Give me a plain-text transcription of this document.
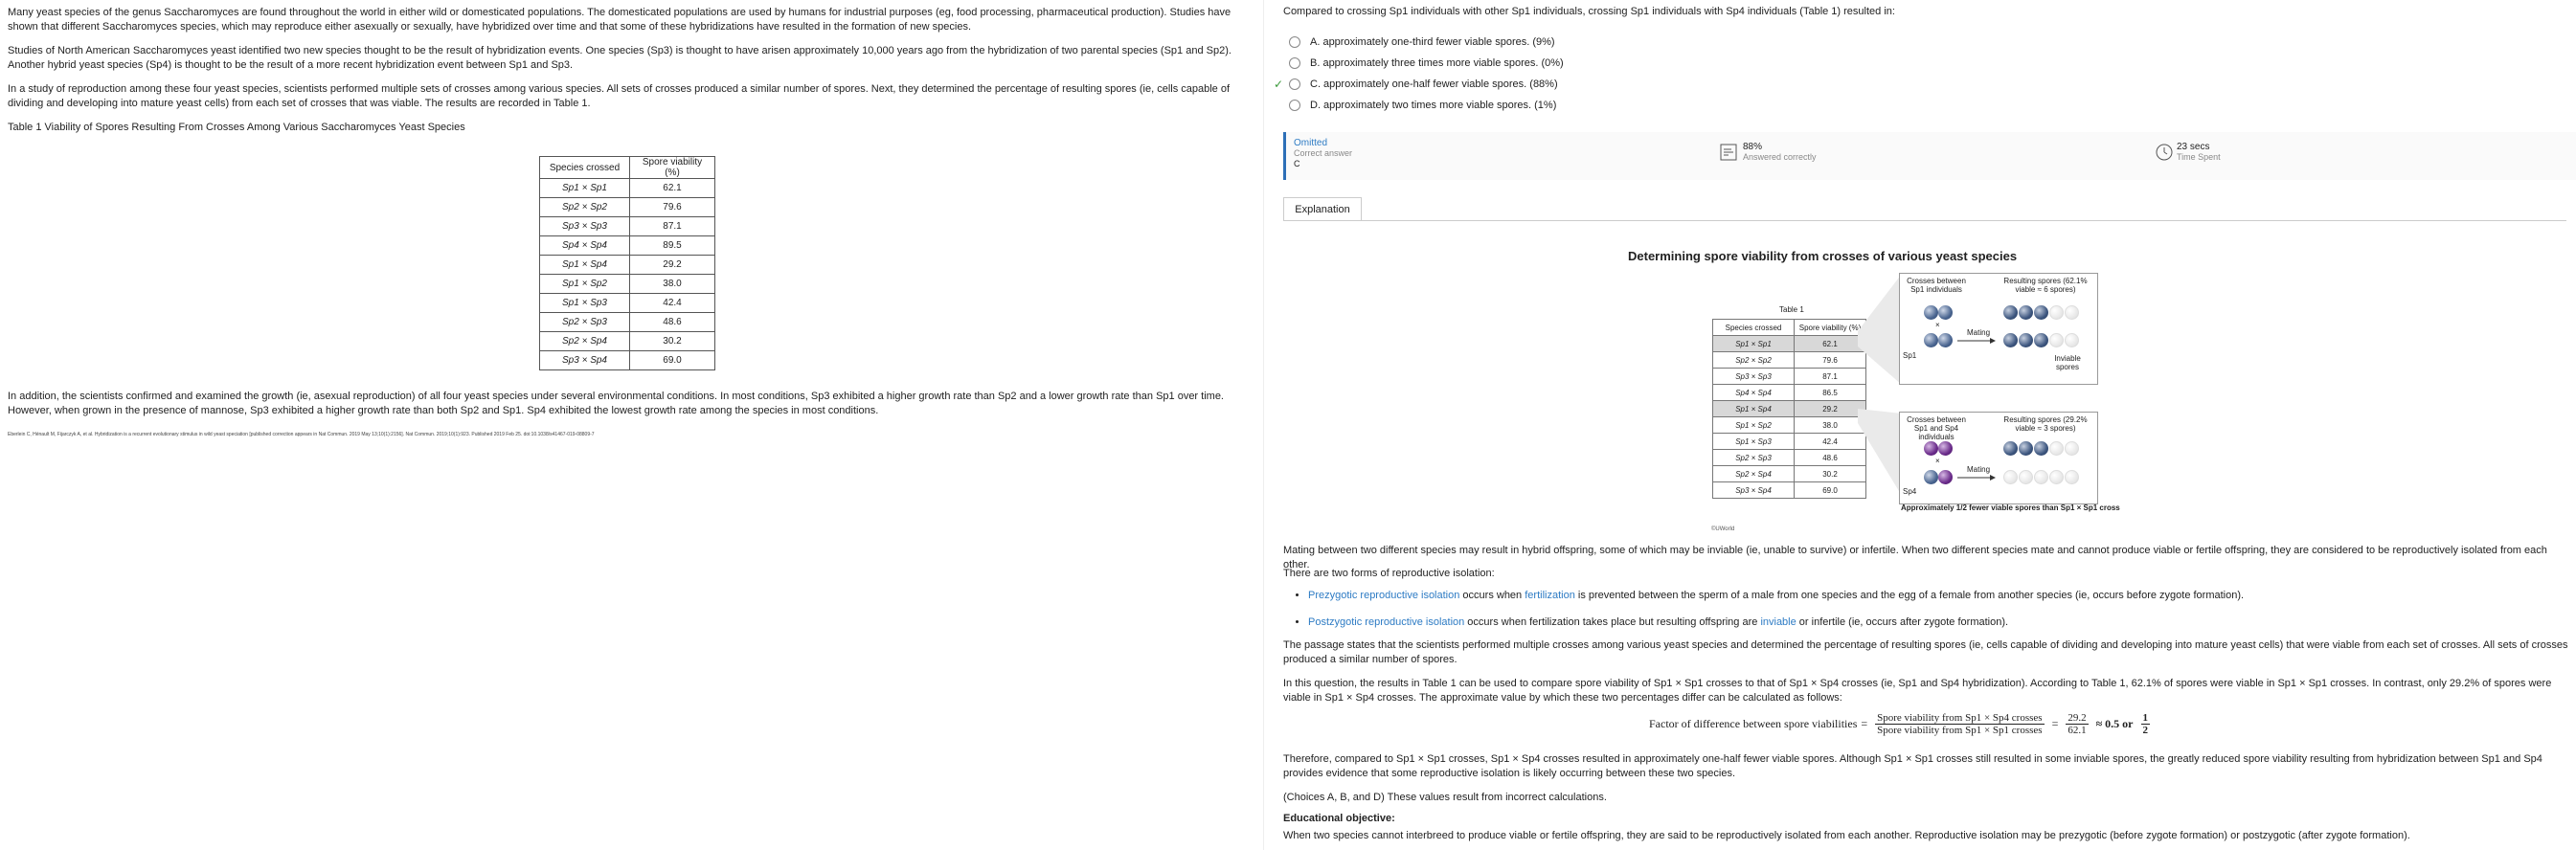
Many yeast species of the genus Saccharomyces are found throughout the world in either wild or domesticated populations. The domesticated populations are used by humans for industrial purposes (eg, food processing, pharmaceutical production). Studies have shown that different Saccharomyces species, which may reproduce either asexually or sexually, have hybridized over time and that some of these hybridizations have resulted in the formation of new species.

Studies of North American Saccharomyces yeast identified two new species thought to be the result of hybridization events. One species (Sp3) is thought to have arisen approximately 10,000 years ago from the hybridization of two parental species (Sp1 and Sp2). Another hybrid yeast species (Sp4) is thought to be the result of a more recent hybridization event between Sp1 and Sp3.

In a study of reproduction among these four yeast species, scientists performed multiple sets of crosses among various species. All sets of crosses produced a similar number of spores. Next, they determined the percentage of resulting spores (ie, cells capable of dividing and developing into mature yeast cells) from each set of crosses that was viable. The results are recorded in Table 1.

Table 1 Viability of Spores Resulting From Crosses Among Various Saccharomyces Yeast Species

Species crossed	Spore viability (%)
Sp1 × Sp1	62.1
Sp2 × Sp2	79.6
Sp3 × Sp3	87.1
Sp4 × Sp4	89.5
Sp1 × Sp4	29.2
Sp1 × Sp2	38.0
Sp1 × Sp3	42.4
Sp2 × Sp3	48.6
Sp2 × Sp4	30.2
Sp3 × Sp4	69.0

In addition, the scientists confirmed and examined the growth (ie, asexual reproduction) of all four yeast species under several environmental conditions. In most conditions, Sp3 exhibited a higher growth rate than Sp2 and a lower growth rate than Sp1 over time. However, when grown in the presence of mannose, Sp3 exhibited a higher growth rate than both Sp2 and Sp1. Sp4 exhibited the lowest growth rate among the species in most conditions.

Eberlein C, Hénault M, Fijarczyk A, et al. Hybridization is a recurrent evolutionary stimulus in wild yeast speciation [published correction appears in Nat Commun. 2019 May 13;10(1):2156]. Nat Commun. 2019;10(1):923. Published 2019 Feb 25. doi:10.1038/s41467-019-08809-7
Compared to crossing Sp1 individuals with other Sp1 individuals, crossing Sp1 individuals with Sp4 individuals (Table 1) resulted in:
✓
A. approximately one-third fewer viable spores. (9%)
B. approximately three times more viable spores. (0%)
C. approximately one-half fewer viable spores. (88%)
D. approximately two times more viable spores. (1%)
Omitted
Correct answer
C
88%
Answered correctly
23 secs
Time Spent
Explanation
Determining spore viability from crosses of various yeast species
Table 1
Species crossed	Spore viability (%)
Sp1 × Sp1	62.1
Sp2 × Sp2	79.6
Sp3 × Sp3	87.1
Sp4 × Sp4	86.5
Sp1 × Sp4	29.2
Sp1 × Sp2	38.0
Sp1 × Sp3	42.4
Sp2 × Sp3	48.6
Sp2 × Sp4	30.2
Sp3 × Sp4	69.0
Crosses between Sp1 individuals
Resulting spores (62.1% viable ≈ 6 spores)
×
Sp1
Mating
Inviable spores
Crosses between Sp1 and Sp4 individuals
Resulting spores (29.2% viable ≈ 3 spores)
×
Sp4
Mating
Approximately 1/2 fewer viable spores than Sp1 × Sp1 cross
©UWorld
Mating between two different species may result in hybrid offspring, some of which may be inviable (ie, unable to survive) or infertile. When two different species mate and cannot produce viable or fertile offspring, they are considered to be reproductively isolated from each other.
There are two forms of reproductive isolation:
• Prezygotic reproductive isolation occurs when fertilization is prevented between the sperm of a male from one species and the egg of a female from another species (ie, occurs before zygote formation).
• Postzygotic reproductive isolation occurs when fertilization takes place but resulting offspring are inviable or infertile (ie, occurs after zygote formation).
The passage states that the scientists performed multiple crosses among various yeast species and determined the percentage of resulting spores (ie, cells capable of dividing and developing into mature yeast cells) that were viable from each set of crosses. All sets of crosses produced a similar number of spores.
In this question, the results in Table 1 can be used to compare spore viability of Sp1 × Sp1 crosses to that of Sp1 × Sp4 crosses (ie, Sp1 and Sp4 hybridization). According to Table 1, 62.1% of spores were viable in Sp1 × Sp1 crosses. In contrast, only 29.2% of spores were viable in Sp1 × Sp4 crosses. The approximate value by which these two percentages differ can be calculated as follows:
Factor of difference between spore viabilities = $\frac{\text{Spore viability from Sp1 × Sp4 crosses}}{\text{Spore viability from Sp1 × Sp1 crosses}} = \frac{29.2}{62.1} \approx 0.5$ or $\frac{1}{2}$
Therefore, compared to Sp1 × Sp1 crosses, Sp1 × Sp4 crosses resulted in approximately one-half fewer viable spores. Although Sp1 × Sp1 crosses still resulted in some inviable spores, the greatly reduced spore viability resulting from hybridization between Sp1 and Sp4 provides evidence that some reproductive isolation is likely occurring between these two species.
(Choices A, B, and D) These values result from incorrect calculations.
Educational objective:
When two species cannot interbreed to produce viable or fertile offspring, they are said to be reproductively isolated from each another. Reproductive isolation may be prezygotic (before zygote formation) or postzygotic (after zygote formation).
